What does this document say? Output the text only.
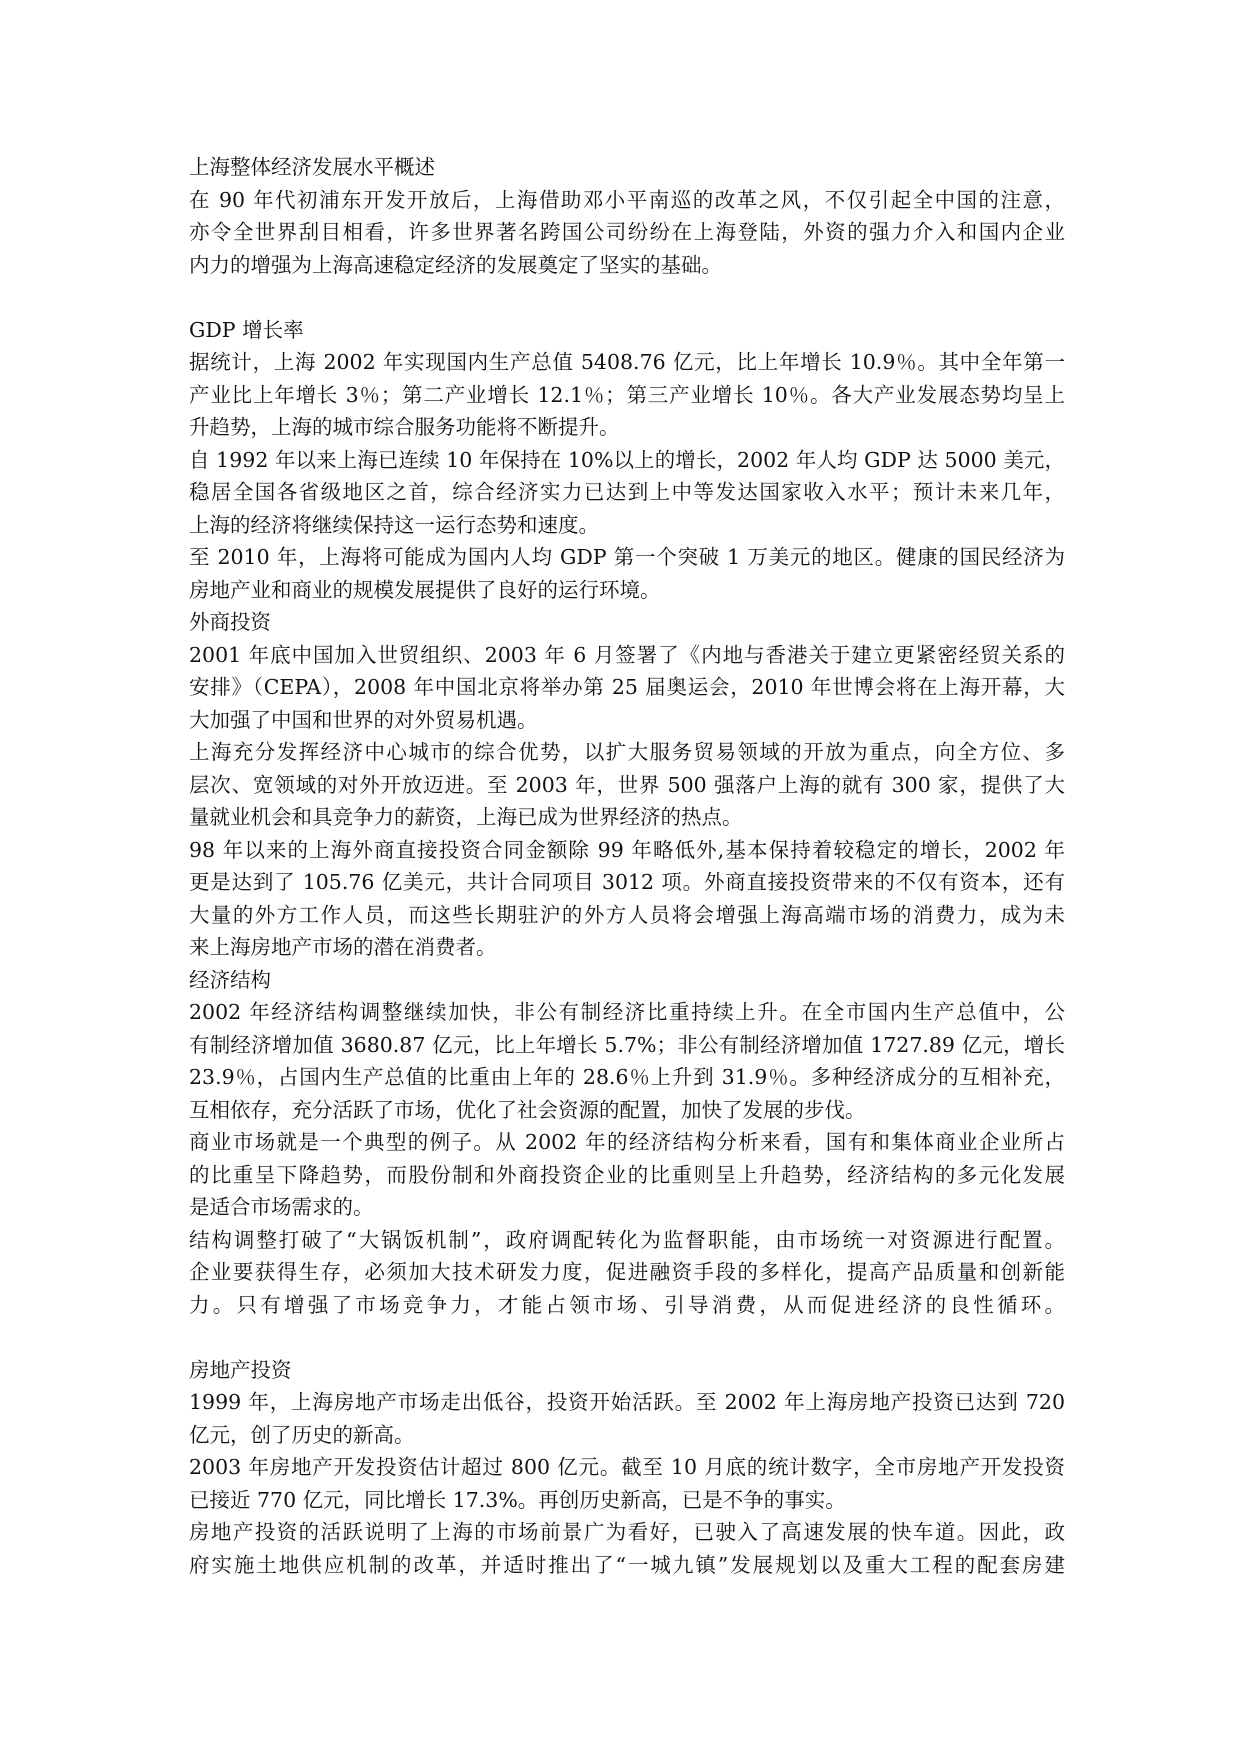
上海整体经济发展水平概述
在 90 年代初浦东开发开放后，上海借助邓小平南巡的改革之风，不仅引起全中国的注意，
亦令全世界刮目相看，许多世界著名跨国公司纷纷在上海登陆，外资的强力介入和国内企业
内力的增强为上海高速稳定经济的发展奠定了坚实的基础。
GDP 增长率
据统计，上海 2002 年实现国内生产总值 5408.76 亿元，比上年增长 10.9％。其中全年第一
产业比上年增长 3％；第二产业增长 12.1％；第三产业增长 10％。各大产业发展态势均呈上
升趋势，上海的城市综合服务功能将不断提升。
自 1992 年以来上海已连续 10 年保持在 10%以上的增长，2002 年人均 GDP 达 5000 美元，
稳居全国各省级地区之首，综合经济实力已达到上中等发达国家收入水平；预计未来几年，
上海的经济将继续保持这一运行态势和速度。
至 2010 年，上海将可能成为国内人均 GDP 第一个突破 1 万美元的地区。健康的国民经济为
房地产业和商业的规模发展提供了良好的运行环境。
外商投资
2001 年底中国加入世贸组织、2003 年 6 月签署了《内地与香港关于建立更紧密经贸关系的
安排》（CEPA），2008 年中国北京将举办第 25 届奥运会，2010 年世博会将在上海开幕，大
大加强了中国和世界的对外贸易机遇。
上海充分发挥经济中心城市的综合优势，以扩大服务贸易领域的开放为重点，向全方位、多
层次、宽领域的对外开放迈进。至 2003 年，世界 500 强落户上海的就有 300 家，提供了大
量就业机会和具竞争力的薪资，上海已成为世界经济的热点。
98 年以来的上海外商直接投资合同金额除 99 年略低外,基本保持着较稳定的增长，2002 年
更是达到了 105.76 亿美元，共计合同项目 3012 项。外商直接投资带来的不仅有资本，还有
大量的外方工作人员，而这些长期驻沪的外方人员将会增强上海高端市场的消费力，成为未
来上海房地产市场的潜在消费者。
经济结构
2002 年经济结构调整继续加快，非公有制经济比重持续上升。在全市国内生产总值中，公
有制经济增加值 3680.87 亿元，比上年增长 5.7%；非公有制经济增加值 1727.89 亿元，增长
23.9％，占国内生产总值的比重由上年的 28.6％上升到 31.9％。多种经济成分的互相补充，
互相依存，充分活跃了市场，优化了社会资源的配置，加快了发展的步伐。
商业市场就是一个典型的例子。从 2002 年的经济结构分析来看，国有和集体商业企业所占
的比重呈下降趋势，而股份制和外商投资企业的比重则呈上升趋势，经济结构的多元化发展
是适合市场需求的。
结构调整打破了“大锅饭机制”，政府调配转化为监督职能，由市场统一对资源进行配置。
企业要获得生存，必须加大技术研发力度，促进融资手段的多样化，提高产品质量和创新能
力。只有增强了市场竞争力，才能占领市场、引导消费，从而促进经济的良性循环。
房地产投资
1999 年，上海房地产市场走出低谷，投资开始活跃。至 2002 年上海房地产投资已达到 720
亿元，创了历史的新高。
2003 年房地产开发投资估计超过 800 亿元。截至 10 月底的统计数字，全市房地产开发投资
已接近 770 亿元，同比增长 17.3%。再创历史新高，已是不争的事实。
房地产投资的活跃说明了上海的市场前景广为看好，已驶入了高速发展的快车道。因此，政
府实施土地供应机制的改革，并适时推出了“一城九镇”发展规划以及重大工程的配套房建
